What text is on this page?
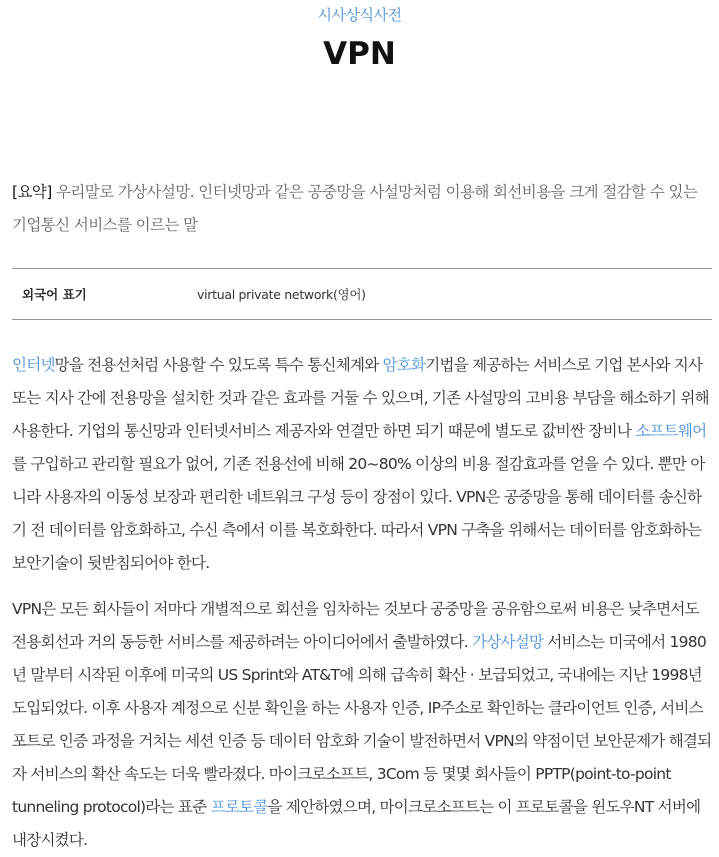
시사상식사전
VPN

[요약] 우리말로 가상사설망. 인터넷망과 같은 공중망을 사설망처럼 이용해 회선비용을 크게 절감할 수 있는 기업통신 서비스를 이르는 말

외국어 표기	virtual private network(영어)

인터넷망을 전용선처럼 사용할 수 있도록 특수 통신체계와 암호화기법을 제공하는 서비스로 기업 본사와 지사 또는 지사 간에 전용망을 설치한 것과 같은 효과를 거둘 수 있으며, 기존 사설망의 고비용 부담을 해소하기 위해 사용한다. 기업의 통신망과 인터넷서비스 제공자와 연결만 하면 되기 때문에 별도로 값비싼 장비나 소프트웨어를 구입하고 관리할 필요가 없어, 기존 전용선에 비해 20~80% 이상의 비용 절감효과를 얻을 수 있다. 뿐만 아니라 사용자의 이동성 보장과 편리한 네트워크 구성 등이 장점이 있다. VPN은 공중망을 통해 데이터를 송신하기 전 데이터를 암호화하고, 수신 측에서 이를 복호화한다. 따라서 VPN 구축을 위해서는 데이터를 암호화하는 보안기술이 뒷받침되어야 한다.

VPN은 모든 회사들이 저마다 개별적으로 회선을 임차하는 것보다 공중망을 공유함으로써 비용은 낮추면서도 전용회선과 거의 동등한 서비스를 제공하려는 아이디어에서 출발하였다. 가상사설망 서비스는 미국에서 1980년 말부터 시작된 이후에 미국의 US Sprint와 AT&T에 의해 급속히 확산 · 보급되었고, 국내에는 지난 1998년 도입되었다. 이후 사용자 계정으로 신분 확인을 하는 사용자 인증, IP주소로 확인하는 클라이언트 인증, 서비스 포트로 인증 과정을 거치는 세션 인증 등 데이터 암호화 기술이 발전하면서 VPN의 약점이던 보안문제가 해결되자 서비스의 확산 속도는 더욱 빨라졌다. 마이크로소프트, 3Com 등 몇몇 회사들이 PPTP(point-to-point tunneling protocol)라는 표준 프로토콜을 제안하였으며, 마이크로소프트는 이 프로토콜을 윈도우NT 서버에 내장시켰다.
